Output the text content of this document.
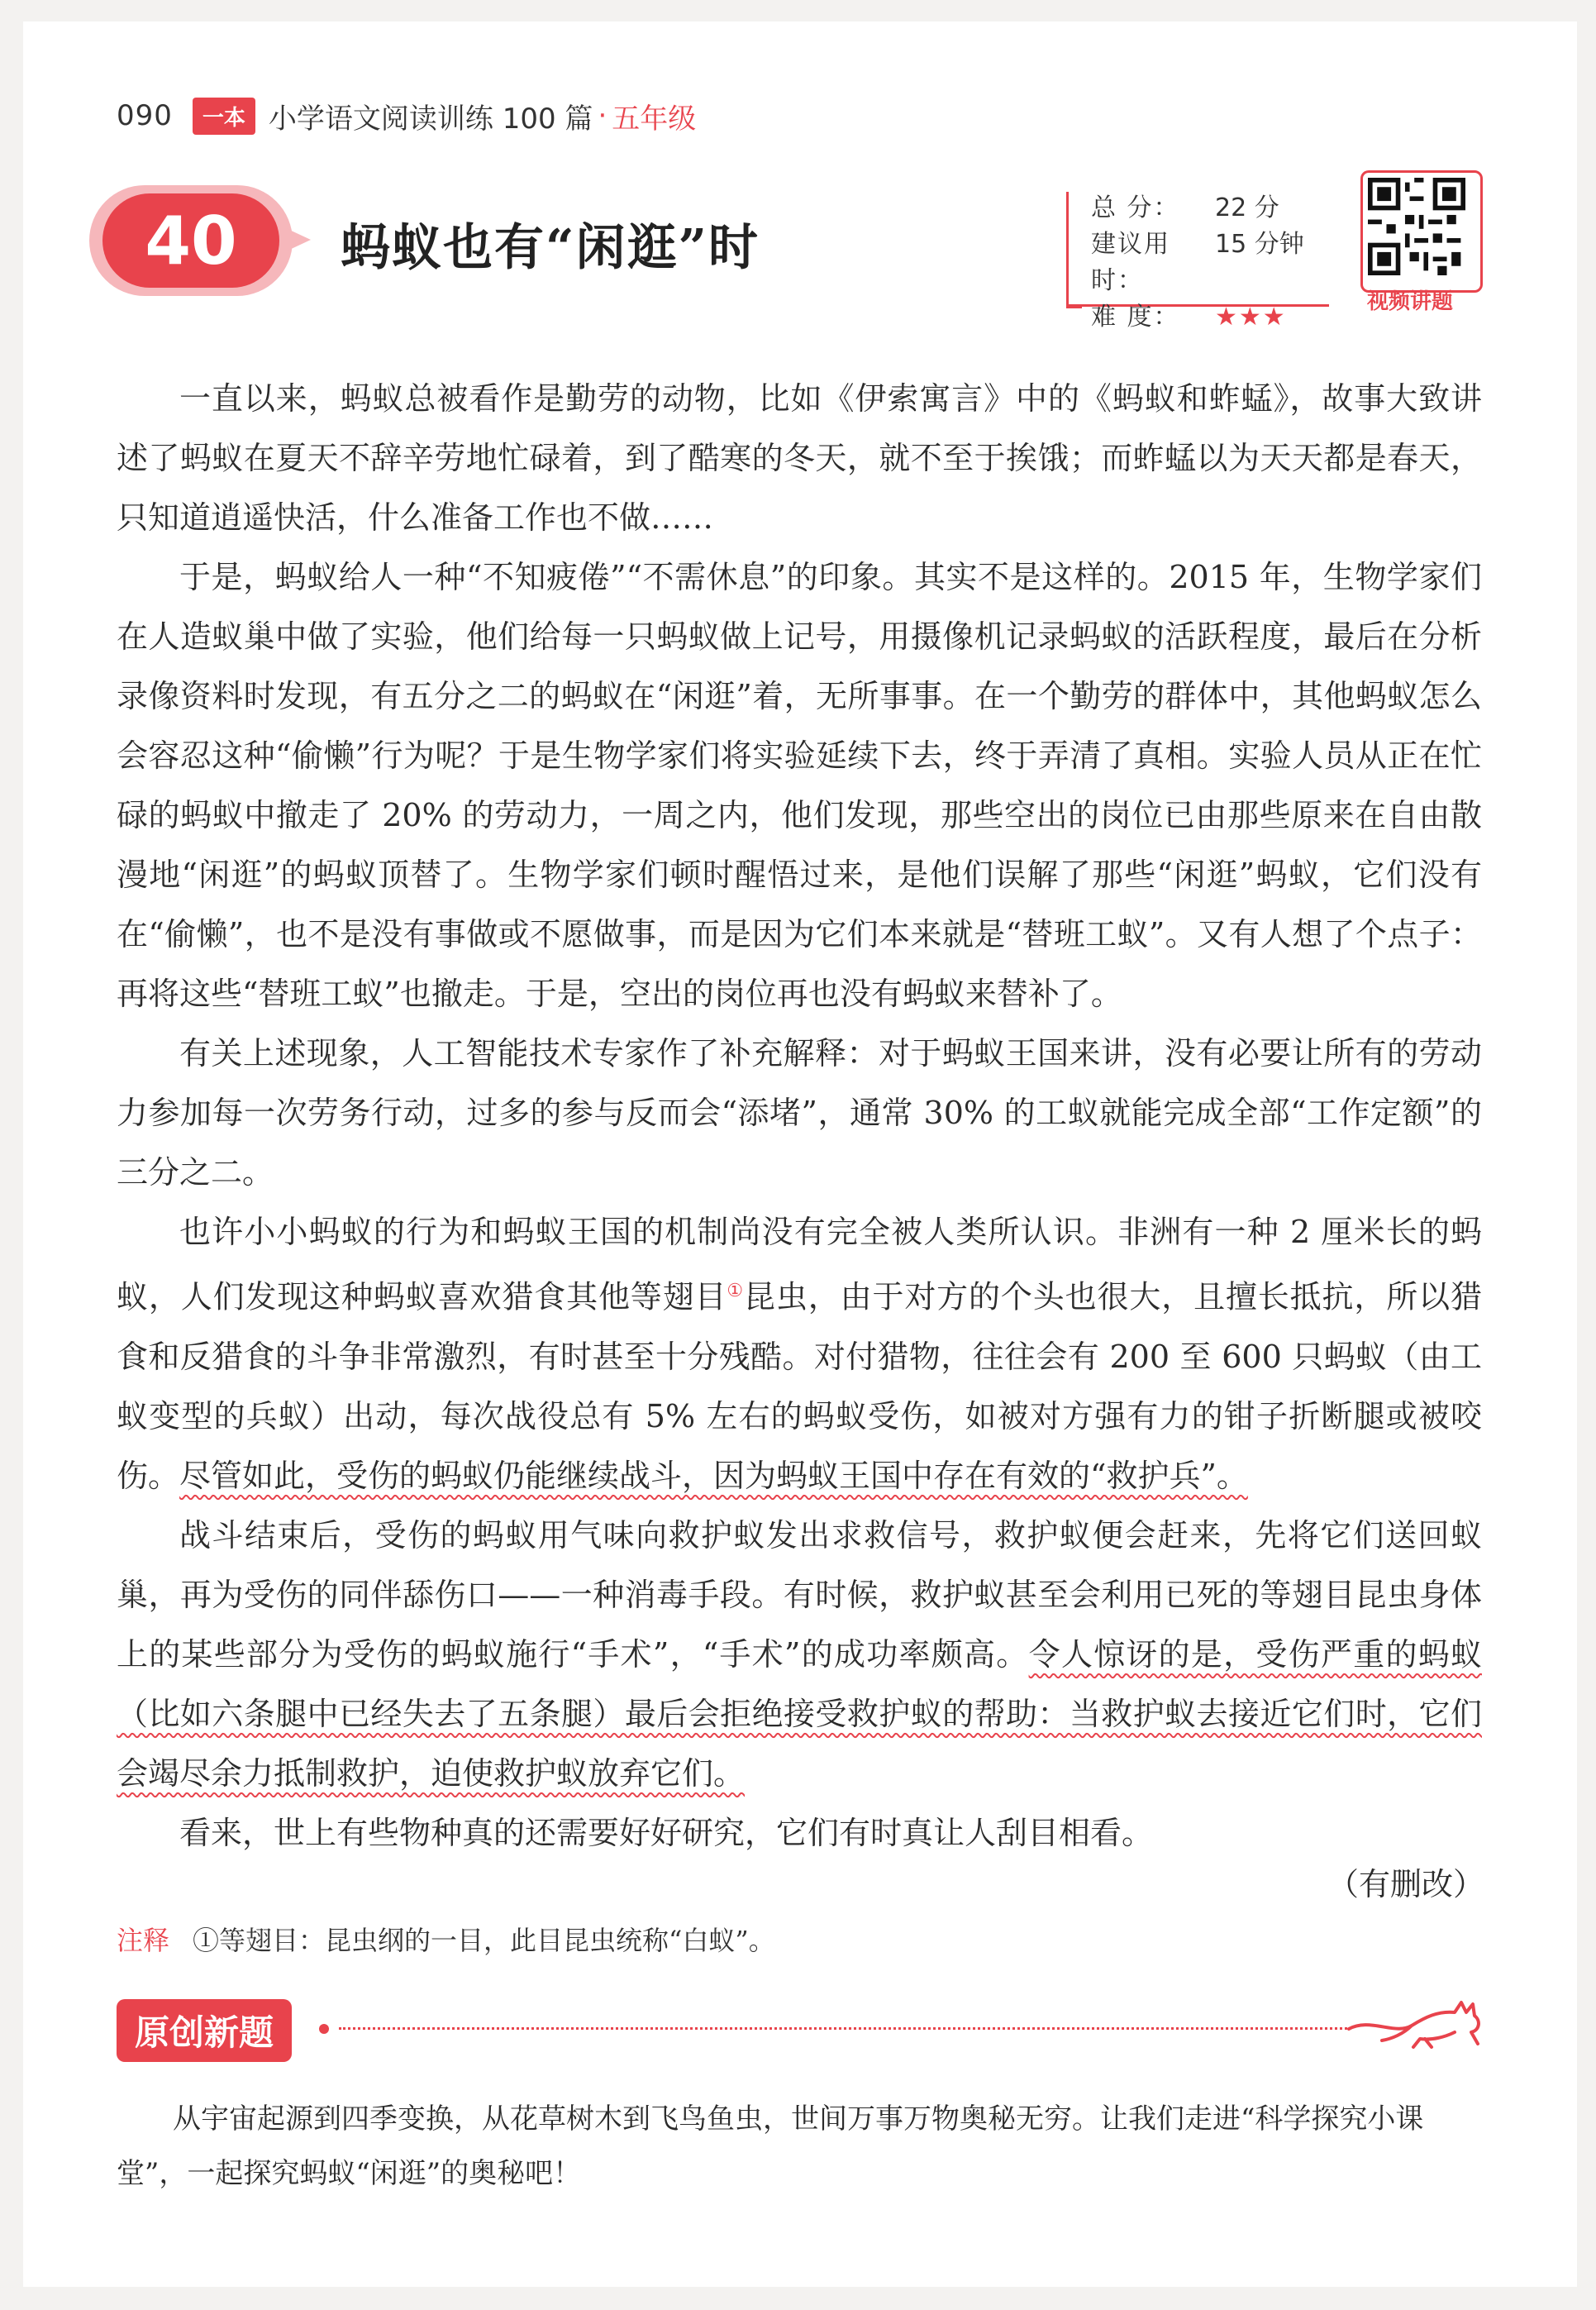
090	一本 小学语文阅读训练 100 篇 · 五年级
40 蚂蚁也有“闲逛”时
总 分：	22 分
建议用时：
15 分钟
难 度：	★★★
视频讲题

一直以来，蚂蚁总被看作是勤劳的动物，比如《伊索寓言》中的《蚂蚁和蚱蜢》，故事大致讲述了蚂蚁在夏天不辞辛劳地忙碌着，到了酷寒的冬天，就不至于挨饿；而蚱蜢以为天天都是春天，只知道逍遥快活，什么准备工作也不做……

于是，蚂蚁给人一种“不知疲倦”“不需休息”的印象。其实不是这样的。2015 年，生物学家们在人造蚁巢中做了实验，他们给每一只蚂蚁做上记号，用摄像机记录蚂蚁的活跃程度，最后在分析录像资料时发现，有五分之二的蚂蚁在“闲逛”着，无所事事。在一个勤劳的群体中，其他蚂蚁怎么会容忍这种“偷懒”行为呢？于是生物学家们将实验延续下去，终于弄清了真相。实验人员从正在忙碌的蚂蚁中撤走了 20% 的劳动力，一周之内，他们发现，那些空出的岗位已由那些原来在自由散漫地“闲逛”的蚂蚁顶替了。生物学家们顿时醒悟过来，是他们误解了那些“闲逛”蚂蚁，它们没有在“偷懒”，也不是没有事做或不愿做事，而是因为它们本来就是“替班工蚁”。又有人想了个点子：再将这些“替班工蚁”也撤走。于是，空出的岗位再也没有蚂蚁来替补了。

有关上述现象，人工智能技术专家作了补充解释：对于蚂蚁王国来讲，没有必要让所有的劳动力参加每一次劳务行动，过多的参与反而会“添堵”，通常 30% 的工蚁就能完成全部“工作定额”的三分之二。

也许小小蚂蚁的行为和蚂蚁王国的机制尚没有完全被人类所认识。非洲有一种 2 厘米长的蚂蚁，人们发现这种蚂蚁喜欢猎食其他等翅目①昆虫，由于对方的个头也很大，且擅长抵抗，所以猎食和反猎食的斗争非常激烈，有时甚至十分残酷。对付猎物，往往会有 200 至 600 只蚂蚁（由工蚁变型的兵蚁）出动，每次战役总有 5% 左右的蚂蚁受伤，如被对方强有力的钳子折断腿或被咬伤。尽管如此，受伤的蚂蚁仍能继续战斗，因为蚂蚁王国中存在有效的“救护兵”。

战斗结束后，受伤的蚂蚁用气味向救护蚁发出求救信号，救护蚁便会赶来，先将它们送回蚁巢，再为受伤的同伴舔伤口——一种消毒手段。有时候，救护蚁甚至会利用已死的等翅目昆虫身体上的某些部分为受伤的蚂蚁施行“手术”，“手术”的成功率颇高。令人惊讶的是，受伤严重的蚂蚁（比如六条腿中已经失去了五条腿）最后会拒绝接受救护蚁的帮助：当救护蚁去接近它们时，它们会竭尽余力抵制救护，迫使救护蚁放弃它们。

看来，世上有些物种真的还需要好好研究，它们有时真让人刮目相看。

（有删改）
注释 ①等翅目：昆虫纲的一目，此目昆虫统称“白蚁”。
原创新题

从宇宙起源到四季变换，从花草树木到飞鸟鱼虫，世间万事万物奥秘无穷。让我们走进“科学探究小课堂”，一起探究蚂蚁“闲逛”的奥秘吧！
